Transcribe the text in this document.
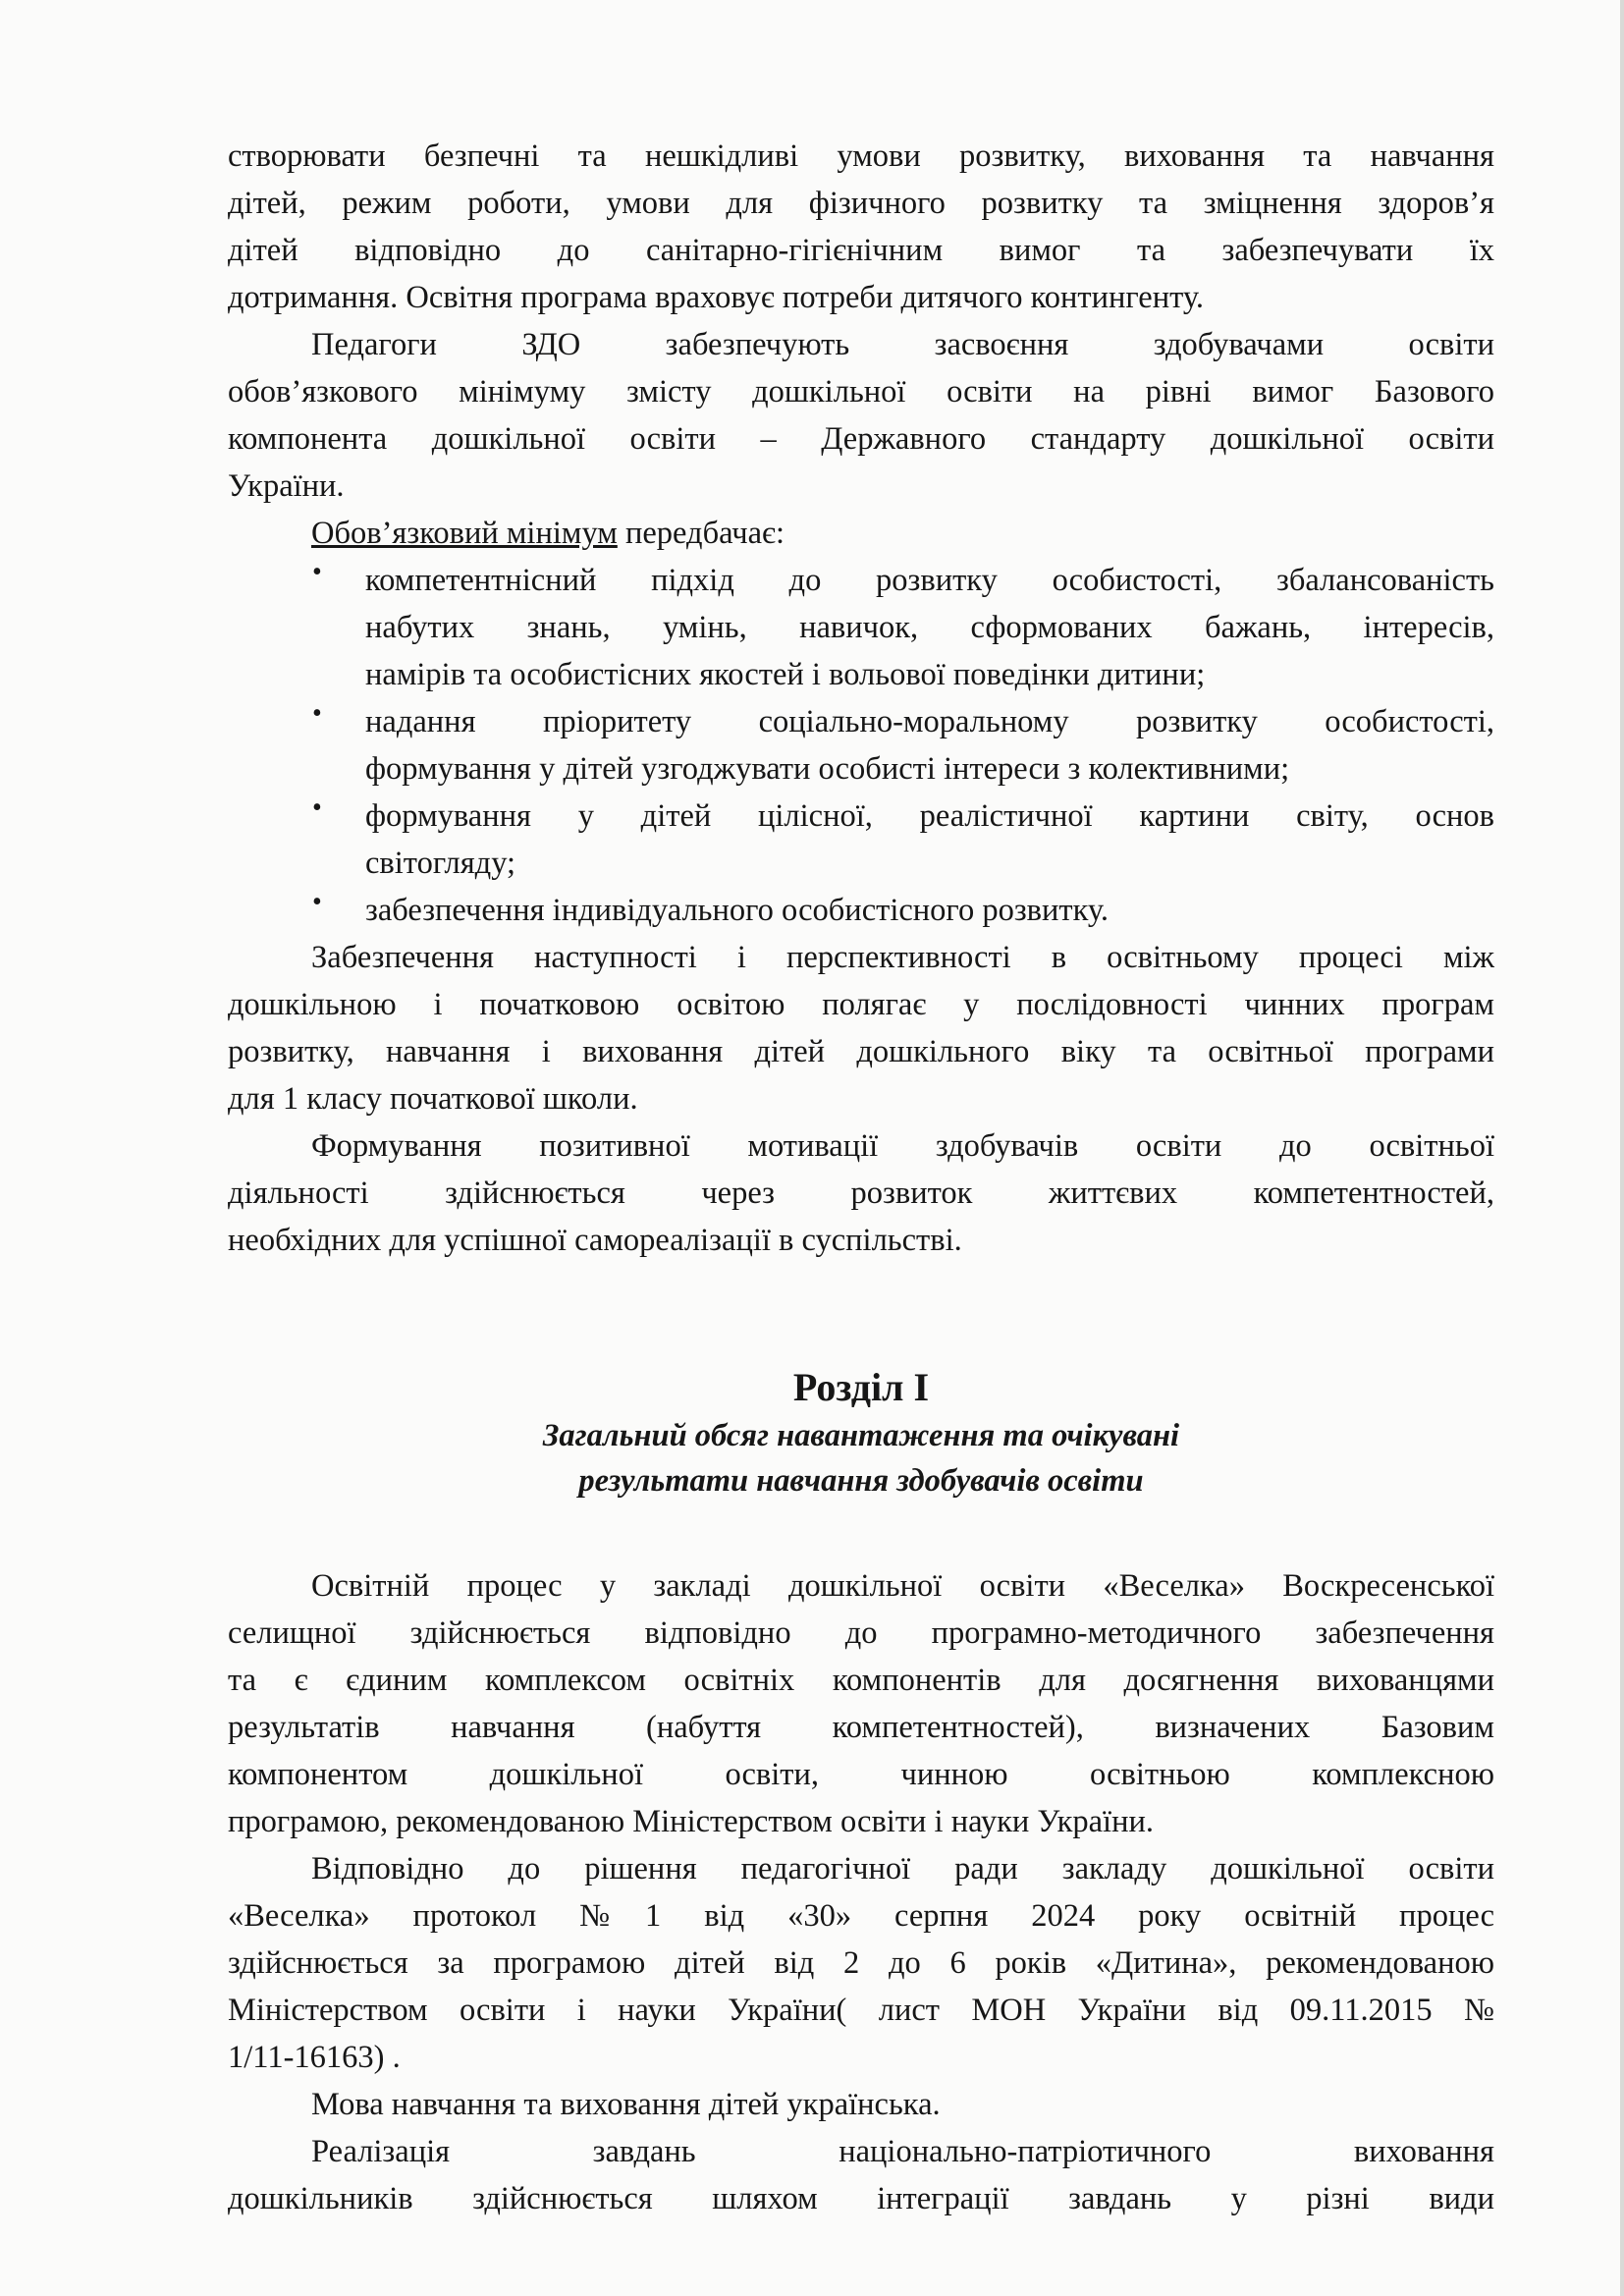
створювати безпечні та нешкідливі умови розвитку, виховання та навчання

дітей, режим роботи, умови для фізичного розвитку та зміцнення здоров’я

дітей відповідно до санітарно-гігієнічним вимог та забезпечувати їх

дотримання. Освітня програма враховує потреби дитячого контингенту.

Педагоги ЗДО забезпечують засвоєння здобувачами освіти

обов’язкового мінімуму змісту дошкільної освіти на рівні вимог Базового

компонента дошкільної освіти – Державного стандарту дошкільної освіти

України.

Обов’язковий мінімум передбачає:

• компетентнісний підхід до розвитку особистості, збалансованість

набутих знань, умінь, навичок, сформованих бажань, інтересів,

намірів та особистісних якостей і вольової поведінки дитини;

• надання пріоритету соціально-моральному розвитку особистості,

формування у дітей узгоджувати особисті інтереси з колективними;

• формування у дітей цілісної, реалістичної картини світу, основ

світогляду;

• забезпечення індивідуального особистісного розвитку.

Забезпечення наступності і перспективності в освітньому процесі між

дошкільною і початковою освітою полягає у послідовності чинних програм

розвитку, навчання і виховання дітей дошкільного віку та освітньої програми

для 1 класу початкової школи.

Формування позитивної мотивації здобувачів освіти до освітньої

діяльності здійснюється через розвиток життєвих компетентностей,

необхідних для успішної самореалізації в суспільстві.

Розділ І

Загальний обсяг навантаження та очікувані

результати навчання здобувачів освіти

Освітній процес у закладі дошкільної освіти «Веселка» Воскресенської

селищної здійснюється відповідно до програмно-методичного забезпечення

та є єдиним комплексом освітніх компонентів для досягнення вихованцями

результатів навчання (набуття компетентностей), визначених Базовим

компонентом дошкільної освіти, чинною освітньою комплексною

програмою, рекомендованою Міністерством освіти і науки України.

Відповідно до рішення педагогічної ради закладу дошкільної освіти

«Веселка» протокол №1 від «30» серпня 2024 року освітній процес

здійснюється за програмою дітей від 2 до 6 років «Дитина», рекомендованою

Міністерством освіти і науки України( лист МОН України від 09.11.2015 №

1/11-16163) .

Мова навчання та виховання дітей українська.

Реалізація завдань національно-патріотичного виховання

дошкільників здійснюється шляхом інтеграції завдань у різні види
